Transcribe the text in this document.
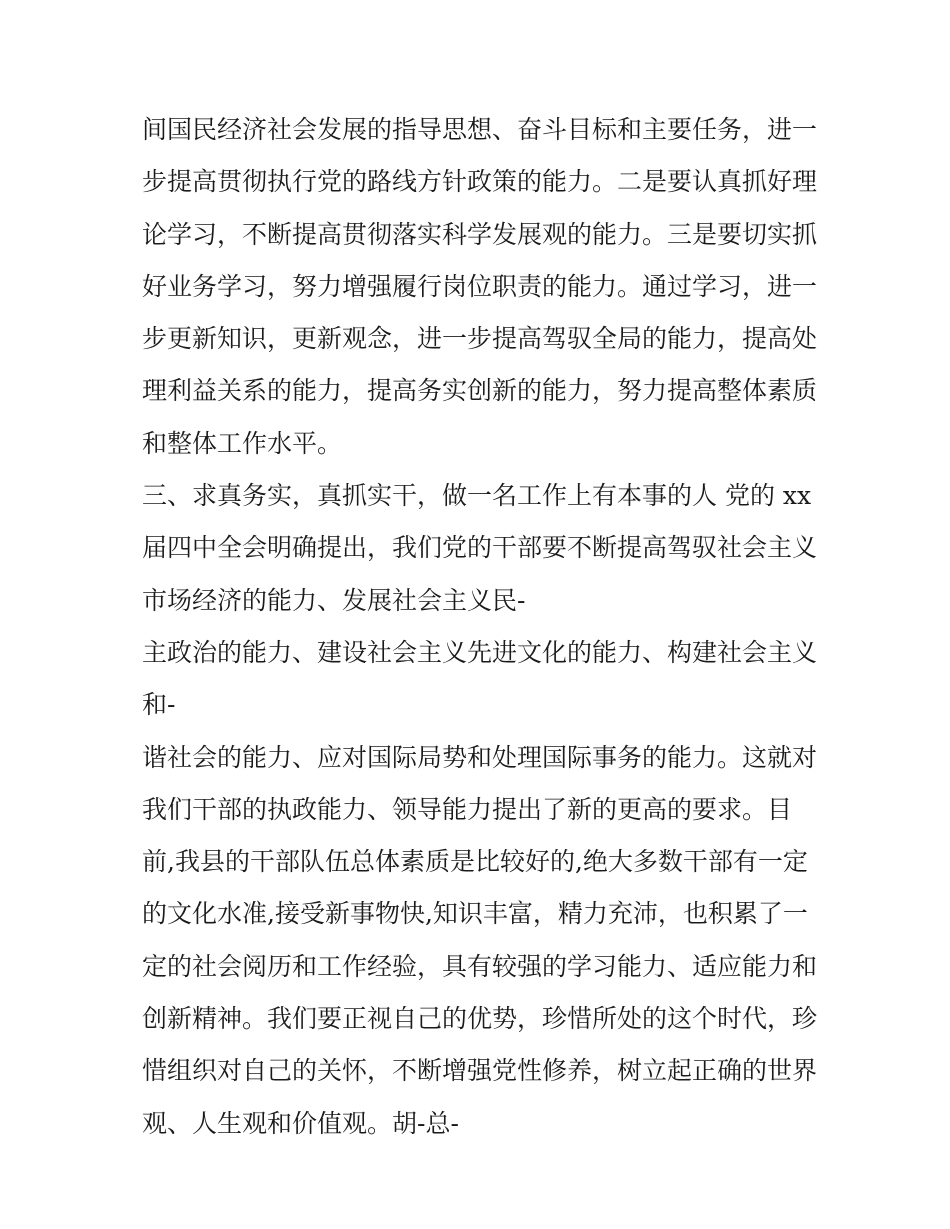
间国民经济社会发展的指导思想、奋斗目标和主要任务，进一
步提高贯彻执行党的路线方针政策的能力。二是要认真抓好理
论学习，不断提高贯彻落实科学发展观的能力。三是要切实抓
好业务学习，努力增强履行岗位职责的能力。通过学习，进一
步更新知识，更新观念，进一步提高驾驭全局的能力，提高处
理利益关系的能力，提高务实创新的能力，努力提高整体素质
和整体工作水平。
三、求真务实，真抓实干，做一名工作上有本事的人 党的 xx
届四中全会明确提出，我们党的干部要不断提高驾驭社会主义
市场经济的能力、发展社会主义民-
主政治的能力、建设社会主义先进文化的能力、构建社会主义
和-
谐社会的能力、应对国际局势和处理国际事务的能力。这就对
我们干部的执政能力、领导能力提出了新的更高的要求。目
前,我县的干部队伍总体素质是比较好的,绝大多数干部有一定
的文化水准,接受新事物快,知识丰富，精力充沛，也积累了一
定的社会阅历和工作经验，具有较强的学习能力、适应能力和
创新精神。我们要正视自己的优势，珍惜所处的这个时代，珍
惜组织对自己的关怀，不断增强党性修养，树立起正确的世界
观、人生观和价值观。胡-总-
